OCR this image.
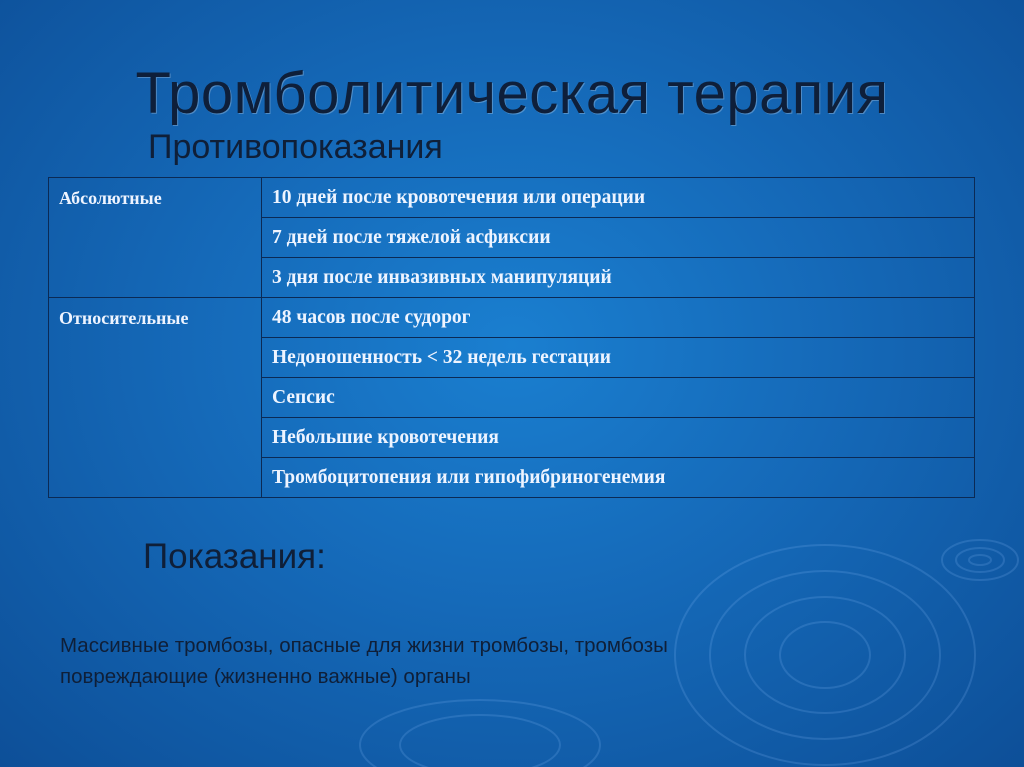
Тромболитическая терапия
Противопоказания
Абсолютные	10 дней после кровотечения или операции
	7 дней после тяжелой асфиксии
	3 дня после инвазивных манипуляций
Относительные	48 часов после судорог
	Недоношенность < 32 недель гестации
	Сепсис
	Небольшие кровотечения
	Тромбоцитопения или гипофибриногенемия
Показания:
Массивные тромбозы, опасные для жизни тромбозы, тромбозы
повреждающие (жизненно важные) органы
